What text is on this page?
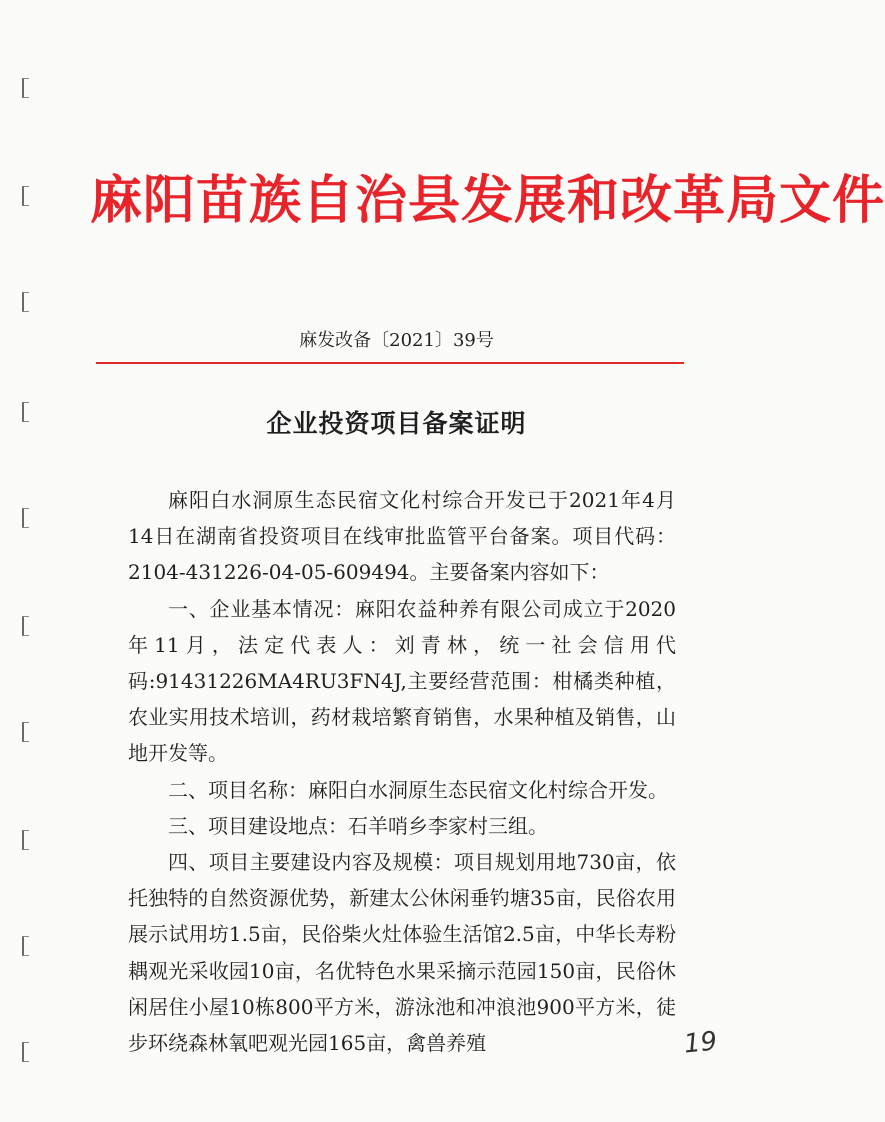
麻阳苗族自治县发展和改革局文件
麻发改备〔2021〕39号
企业投资项目备案证明

麻阳白水洞原生态民宿文化村综合开发已于2021年4月14日在湖南省投资项目在线审批监管平台备案。项目代码：2104-431226-04-05-609494。主要备案内容如下：

一、企业基本情况：麻阳农益种养有限公司成立于2020年11月，法定代表人：刘青林，统一社会信用代码:91431226MA4RU3FN4J,主要经营范围：柑橘类种植，农业实用技术培训，药材栽培繁育销售，水果种植及销售，山地开发等。

二、项目名称：麻阳白水洞原生态民宿文化村综合开发。

三、项目建设地点：石羊哨乡李家村三组。

四、项目主要建设内容及规模：项目规划用地730亩，依托独特的自然资源优势，新建太公休闲垂钓塘35亩，民俗农用展示试用坊1.5亩，民俗柴火灶体验生活馆2.5亩，中华长寿粉耦观光采收园10亩，名优特色水果采摘示范园150亩，民俗休闲居住小屋10栋800平方米，游泳池和冲浪池900平方米，徒步环绕森林氧吧观光园165亩，禽兽养殖	19
